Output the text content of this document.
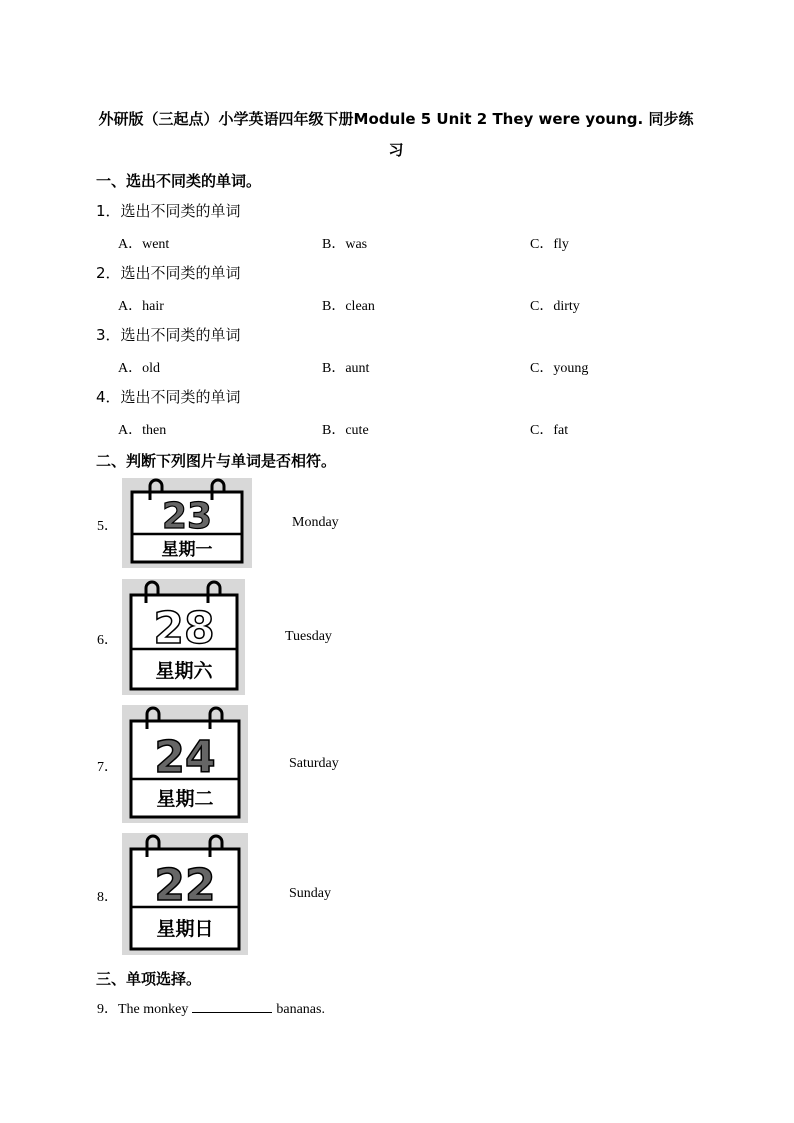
外研版（三起点）小学英语四年级下册Module 5 Unit 2 They were young. 同步练习
一、选出不同类的单词。
1．选出不同类的单词
A．went	B．was	C．fly
2．选出不同类的单词
A．hair	B．clean	C．dirty
3．选出不同类的单词
A．old	B．aunt	C．young
4．选出不同类的单词
A．then	B．cute	C．fat
二、判断下列图片与单词是否相符。
5． 23
星期一
Monday
6． 28
星期六
Tuesday
7． 24
星期二
Saturday
8． 22
星期日
Sunday
三、单项选择。
9．The monkey	bananas.
